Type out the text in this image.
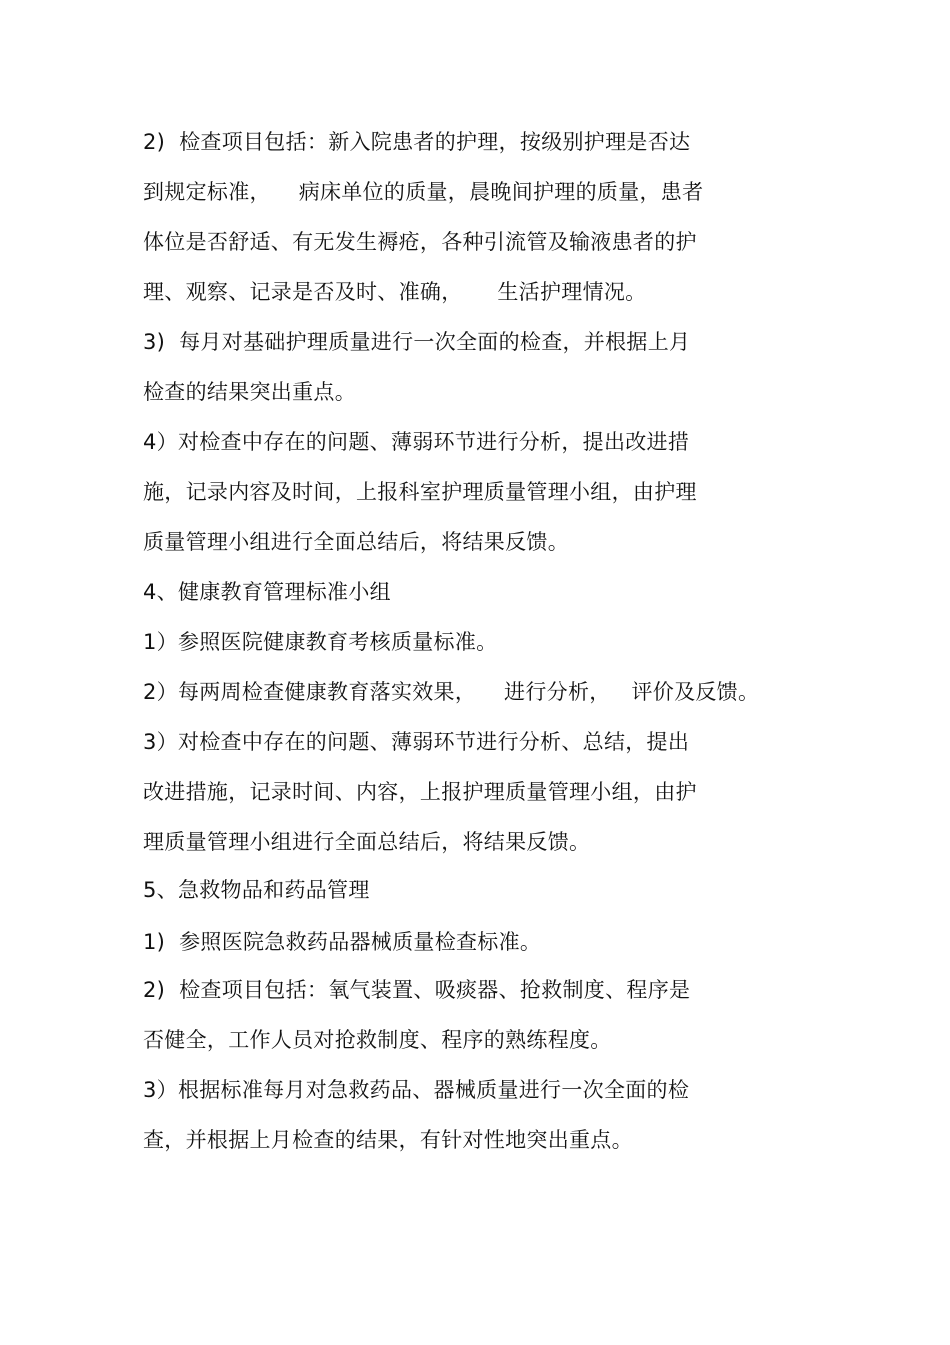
2)  检查项目包括：新入院患者的护理，按级别护理是否达

到规定标准，    病床单位的质量，晨晚间护理的质量，患者

体位是否舒适、有无发生褥疮，各种引流管及输液患者的护

理、观察、记录是否及时、准确，     生活护理情况。

3)  每月对基础护理质量进行一次全面的检查，并根据上月

检查的结果突出重点。

4）对检查中存在的问题、薄弱环节进行分析，提出改进措

施，记录内容及时间，上报科室护理质量管理小组，由护理

质量管理小组进行全面总结后，将结果反馈。

4、健康教育管理标准小组

1）参照医院健康教育考核质量标准。

2）每两周检查健康教育落实效果，    进行分析，   评价及反馈。

3）对检查中存在的问题、薄弱环节进行分析、总结，提出

改进措施，记录时间、内容，上报护理质量管理小组，由护

理质量管理小组进行全面总结后，将结果反馈。

5、急救物品和药品管理

1)  参照医院急救药品器械质量检查标准。

2)  检查项目包括：氧气装置、吸痰器、抢救制度、程序是

否健全，工作人员对抢救制度、程序的熟练程度。

3）根据标准每月对急救药品、器械质量进行一次全面的检

查，并根据上月检查的结果，有针对性地突出重点。
